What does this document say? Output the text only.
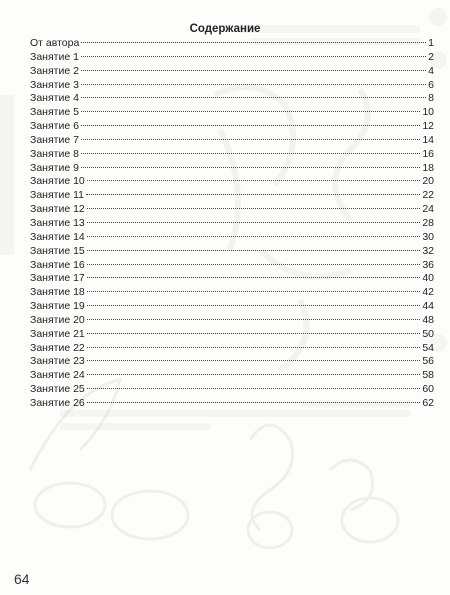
Содержание
От автора	1
Занятие 1	2
Занятие 2	4
Занятие 3	6
Занятие 4	8
Занятие 5	10
Занятие 6	12
Занятие 7	14
Занятие 8	16
Занятие 9	18
Занятие 10	20
Занятие 11	22
Занятие 12	24
Занятие 13	28
Занятие 14	30
Занятие 15	32
Занятие 16	36
Занятие 17	40
Занятие 18	42
Занятие 19	44
Занятие 20	48
Занятие 21	50
Занятие 22	54
Занятие 23	56
Занятие 24	58
Занятие 25	60
Занятие 26	62
64
